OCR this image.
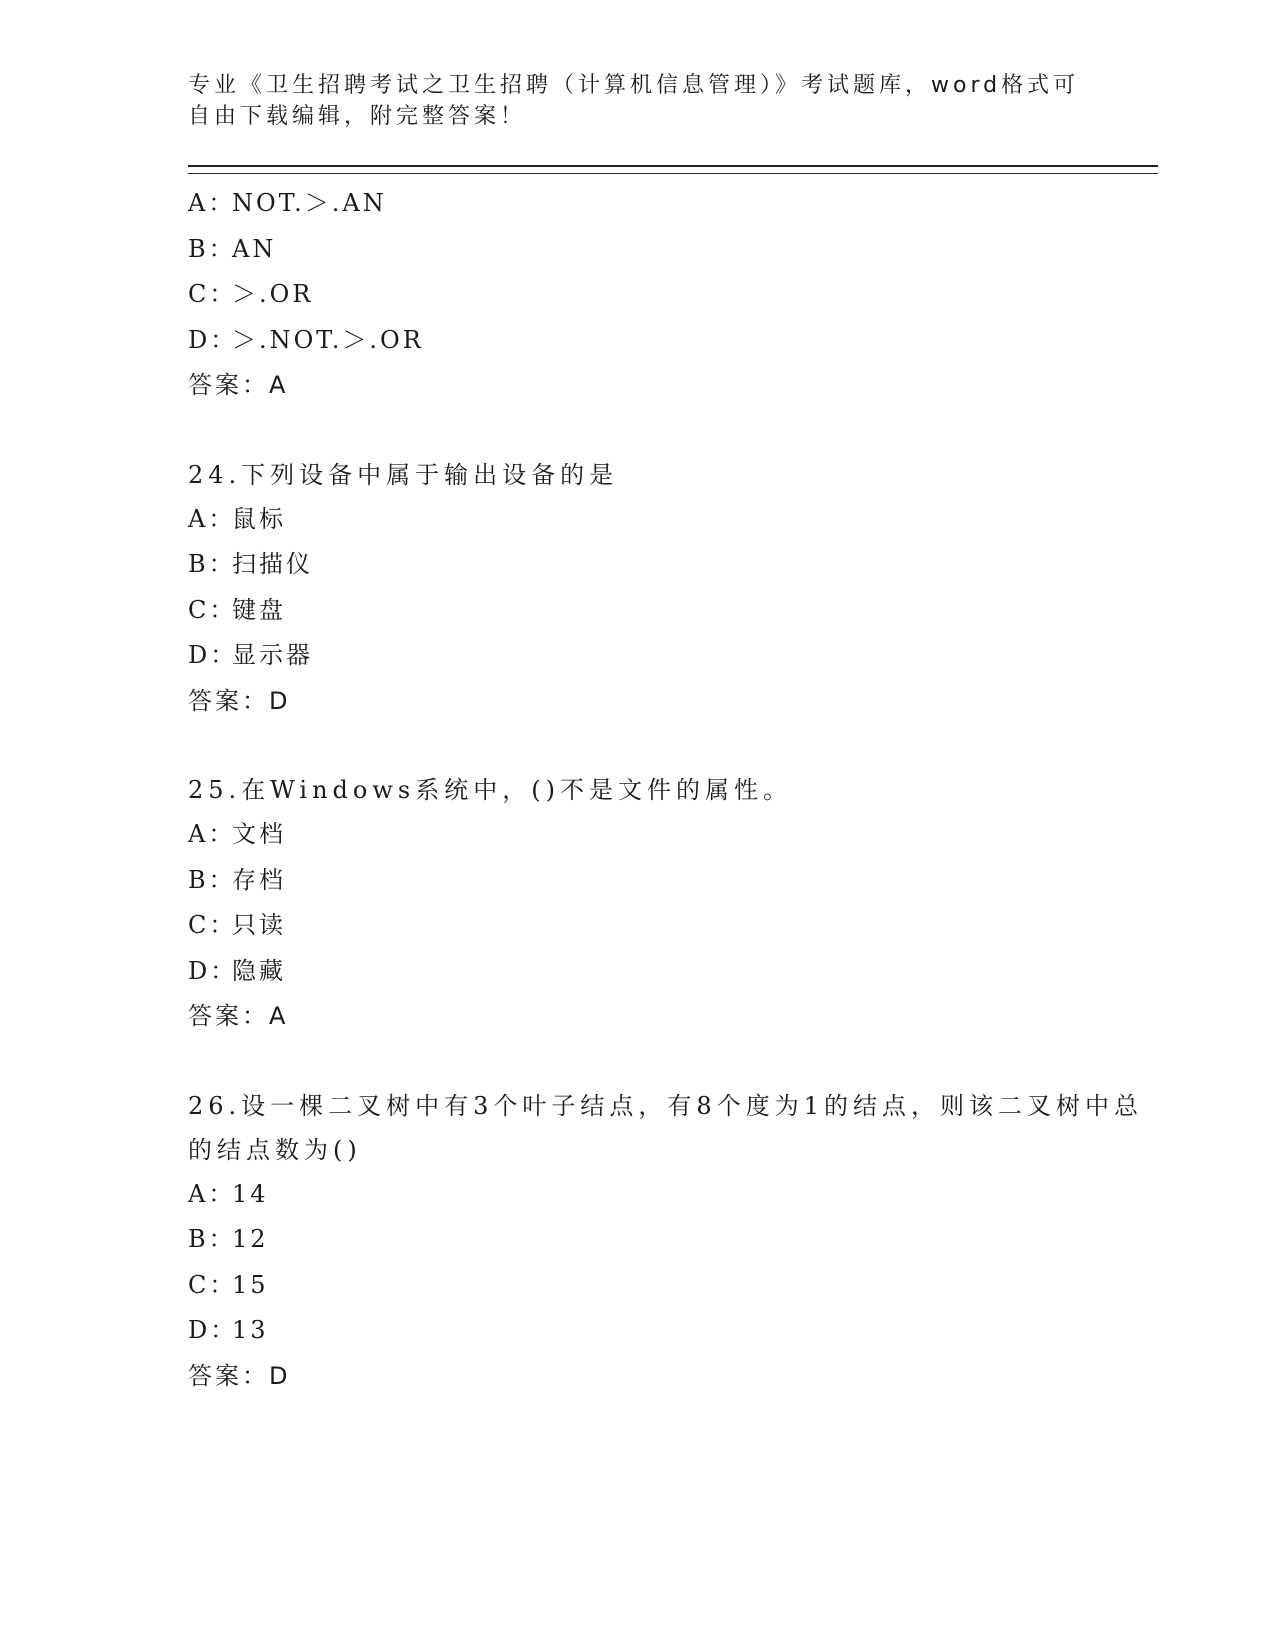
专业《卫生招聘考试之卫生招聘（计算机信息管理）》考试题库，word格式可自由下载编辑，附完整答案！

A：NOT.＞.AN
B：AN
C：＞.OR
D：＞.NOT.＞.OR
答案：A

24.下列设备中属于输出设备的是

A：鼠标
B：扫描仪
C：键盘
D：显示器
答案：D

25.在Windows系统中，()不是文件的属性。

A：文档
B：存档
C：只读
D：隐藏
答案：A

26.设一棵二叉树中有3个叶子结点，有8个度为1的结点，则该二叉树中总的结点数为()

A：14
B：12
C：15
D：13
答案：D
